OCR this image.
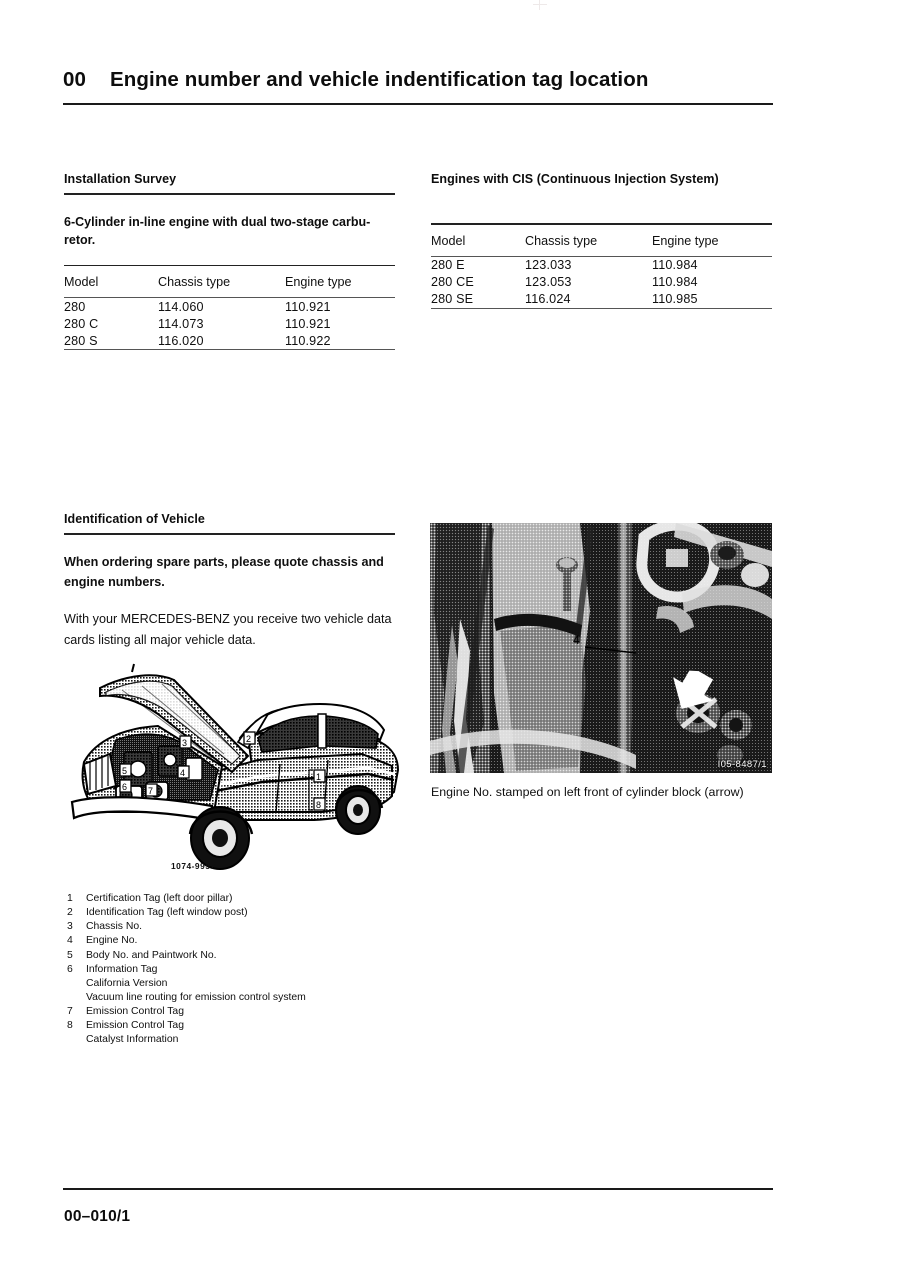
00	Engine number and vehicle indentification tag location
Installation Survey
6-Cylinder in-line engine with dual two-stage carbu-retor.
Model	Chassis type	Engine type
280	114.060	110.921
280 C	114.073	110.921
280 S	116.020	110.922
Engines with CIS (Continuous Injection System)
Model	Chassis type	Engine type
280 E	123.033	110.984
280 CE	123.053	110.984
280 SE	116.024	110.985
Identification of Vehicle
When ordering spare parts, please quote chassis and engine numbers.
With your MERCEDES-BENZ you receive two vehicle data cards listing all major vehicle data.	4
I05-8487/1
Engine No. stamped on left front of cylinder block (arrow)
1
2
3
4
5
6 7
8
1074-9957
1	Certification Tag (left door pillar)
2	Identification Tag (left window post)
3	Chassis No.
4	Engine No.
5	Body No. and Paintwork No.
6	Information Tag
California Version
Vacuum line routing for emission control system
7	Emission Control Tag
8	Emission Control Tag
Catalyst Information
00–010/1
